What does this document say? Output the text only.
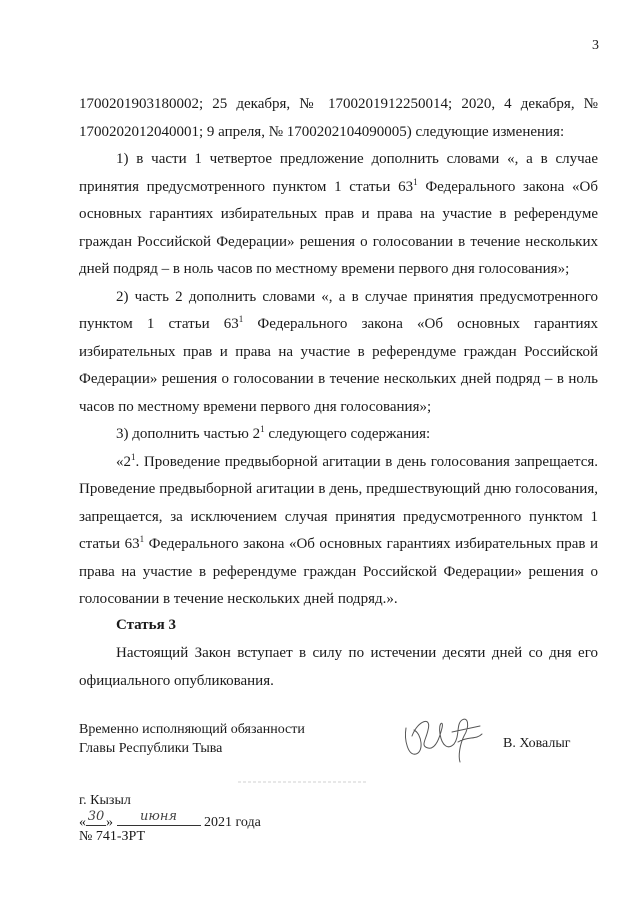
3

1700201903180002; 25 декабря, № 1700201912250014; 2020, 4 декабря, № 1700202012040001; 9 апреля, № 1700202104090005) следующие изменения:

1) в части 1 четвертое предложение дополнить словами «, а в случае принятия предусмотренного пунктом 1 статьи $63^1$ Федерального закона «Об основных гарантиях избирательных прав и права на участие в референдуме граждан Российской Федерации» решения о голосовании в течение нескольких дней подряд – в ноль часов по местному времени первого дня голосования»;

2) часть 2 дополнить словами «, а в случае принятия предусмотренного пунктом 1 статьи $63^1$ Федерального закона «Об основных гарантиях избирательных прав и права на участие в референдуме граждан Российской Федерации» решения о голосовании в течение нескольких дней подряд – в ноль часов по местному времени первого дня голосования»;

3) дополнить частью $2^1$ следующего содержания:

«$2^1$. Проведение предвыборной агитации в день голосования запрещается. Проведение предвыборной агитации в день, предшествующий дню голосования, запрещается, за исключением случая принятия предусмотренного пунктом 1 статьи $63^1$ Федерального закона «Об основных гарантиях избирательных прав и права на участие в референдуме граждан Российской Федерации» решения о голосовании в течение нескольких дней подряд.».

Статья 3

Настоящий Закон вступает в силу по истечении десяти дней со дня его официального опубликования.

Временно исполняющий обязанности
Главы Республики Тыва	В. Ховалыг
г. Кызыл
« 30 »	июня	2021 года
№ 741-ЗРТ
